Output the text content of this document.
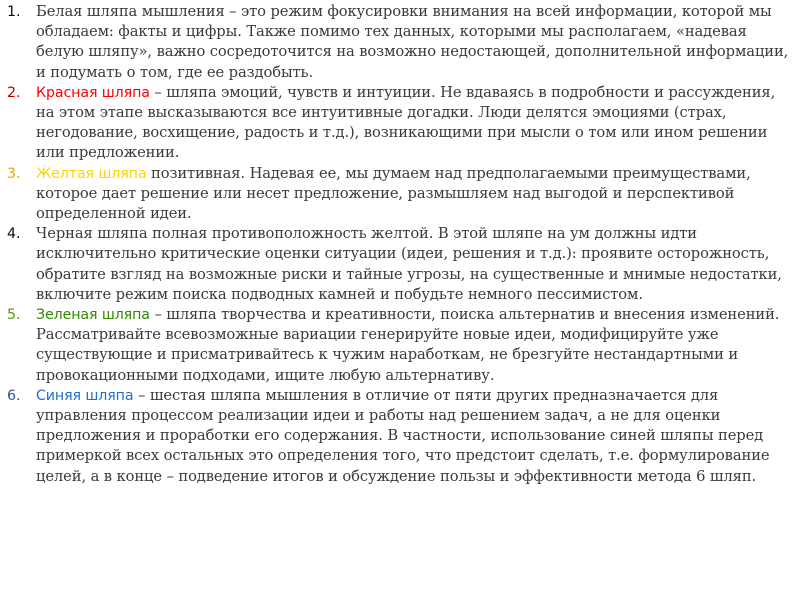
1.	Белая шляпа мышления – это режим фокусировки внимания на всей информации, которой мы обладаем: факты и цифры. Также помимо тех данных, которыми мы располагаем, «надевая белую шляпу», важно сосредоточится на возможно недостающей, дополнительной информации, и подумать о том, где ее раздобыть.
2.	Красная шляпа – шляпа эмоций, чувств и интуиции. Не вдаваясь в подробности и рассуждения, на этом этапе высказываются все интуитивные догадки. Люди делятся эмоциями (страх, негодование, восхищение, радость и т.д.), возникающими при мысли о том или ином решении или предложении.
3.	Желтая шляпа позитивная. Надевая ее, мы думаем над предполагаемыми преимуществами, которое дает решение или несет предложение, размышляем над выгодой и перспективой определенной идеи.
4.	Черная шляпа полная противоположность желтой. В этой шляпе на ум должны идти исключительно критические оценки ситуации (идеи, решения и т.д.): проявите осторожность, обратите взгляд на возможные риски и тайные угрозы, на существенные и мнимые недостатки, включите режим поиска подводных камней и побудьте немного пессимистом.
5.	Зеленая шляпа – шляпа творчества и креативности, поиска альтернатив и внесения изменений. Рассматривайте всевозможные вариации генерируйте новые идеи, модифицируйте уже существующие и присматривайтесь к чужим наработкам, не брезгуйте нестандартными и провокационными подходами, ищите любую альтернативу.
6.	Синяя шляпа – шестая шляпа мышления в отличие от пяти других предназначается для управления процессом реализации идеи и работы над решением задач, а не для оценки предложения и проработки его содержания. В частности, использование синей шляпы перед примеркой всех остальных это определения того, что предстоит сделать, т.е. формулирование целей, а в конце – подведение итогов и обсуждение пользы и эффективности метода 6 шляп.
